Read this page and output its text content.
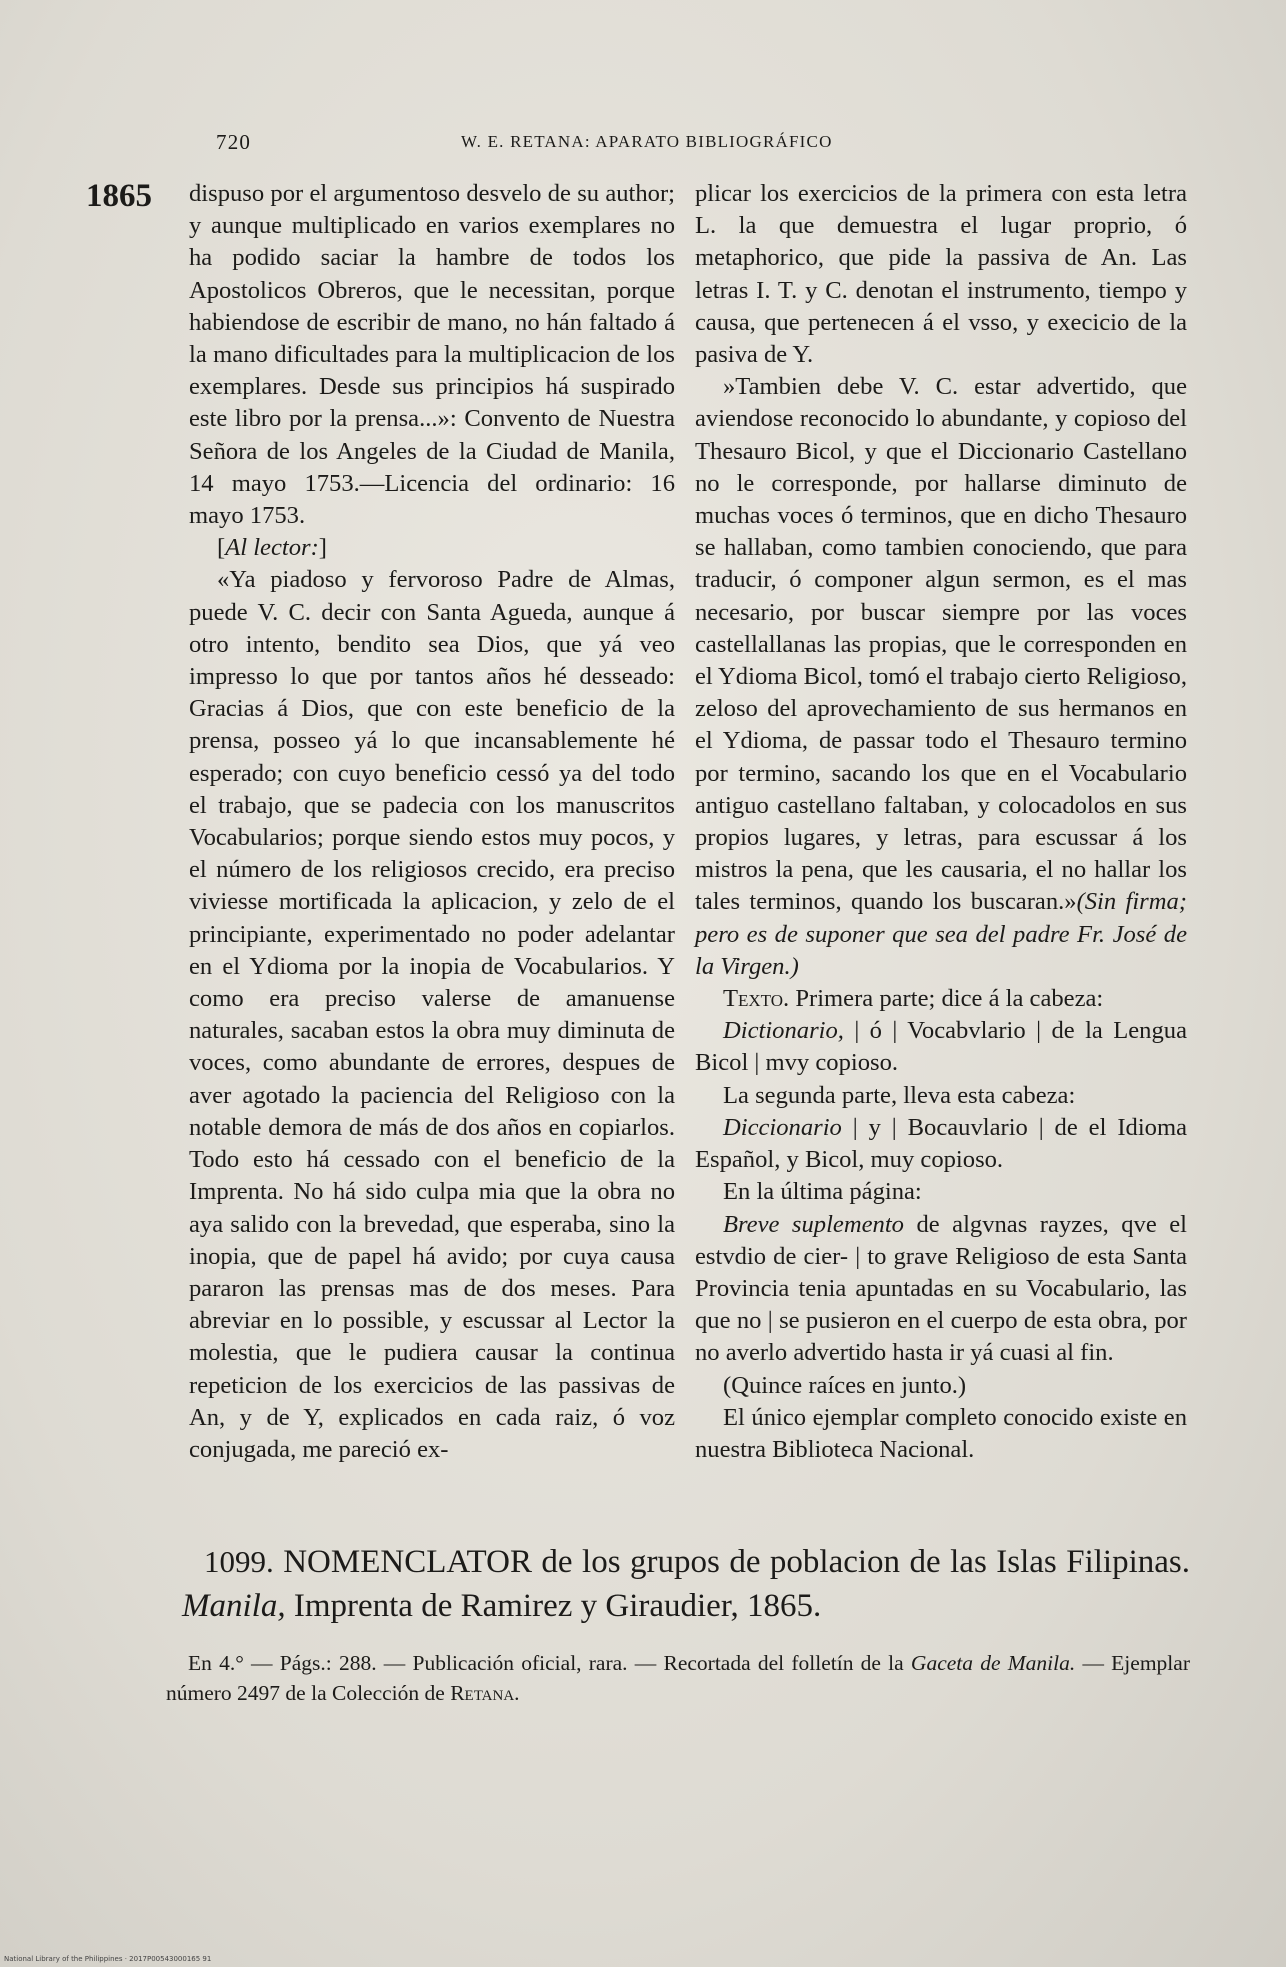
720	W. E. RETANA: APARATO BIBLIOGRÁFICO
1865 dispuso por el argumentoso desvelo de su author; y aunque multiplicado en varios exemplares no ha podido saciar la hambre de todos los Apostolicos Obreros, que le necessitan, porque habiendose de escribir de mano, no hán faltado á la mano dificultades para la multiplicacion de los exemplares. Desde sus principios há suspirado este libro por la prensa...»: Convento de Nuestra Señora de los Angeles de la Ciudad de Manila, 14 mayo 1753.—Licencia del ordinario: 16 mayo 1753.

[Al lector:]

«Ya piadoso y fervoroso Padre de Almas, puede V. C. decir con Santa Agueda, aunque á otro intento, bendito sea Dios, que yá veo impresso lo que por tantos años hé desseado: Gracias á Dios, que con este beneficio de la prensa, posseo yá lo que incansablemente hé esperado; con cuyo beneficio cessó ya del todo el trabajo, que se padecia con los manuscritos Vocabularios; porque siendo estos muy pocos, y el número de los religiosos crecido, era preciso viviesse mortificada la aplicacion, y zelo de el principiante, experimentado no poder adelantar en el Ydioma por la inopia de Vocabularios. Y como era preciso valerse de amanuense naturales, sacaban estos la obra muy diminuta de voces, como abundante de errores, despues de aver agotado la paciencia del Religioso con la notable demora de más de dos años en copiarlos. Todo esto há cessado con el beneficio de la Imprenta. No há sido culpa mia que la obra no aya salido con la brevedad, que esperaba, sino la inopia, que de papel há avido; por cuya causa pararon las prensas mas de dos meses. Para abreviar en lo possible, y escussar al Lector la molestia, que le pudiera causar la continua repeticion de los exercicios de las passivas de An, y de Y, explicados en cada raiz, ó voz conjugada, me pareció ex-

plicar los exercicios de la primera con esta letra L. la que demuestra el lugar proprio, ó metaphorico, que pide la passiva de An. Las letras I. T. y C. denotan el instrumento, tiempo y causa, que pertenecen á el vsso, y execicio de la pasiva de Y.

»Tambien debe V. C. estar advertido, que aviendose reconocido lo abundante, y copioso del Thesauro Bicol, y que el Diccionario Castellano no le corresponde, por hallarse diminuto de muchas voces ó terminos, que en dicho Thesauro se hallaban, como tambien conociendo, que para traducir, ó componer algun sermon, es el mas necesario, por buscar siempre por las voces castellallanas las propias, que le corresponden en el Ydioma Bicol, tomó el trabajo cierto Religioso, zeloso del aprovechamiento de sus hermanos en el Ydioma, de passar todo el Thesauro termino por termino, sacando los que en el Vocabulario antiguo castellano faltaban, y colocadolos en sus propios lugares, y letras, para escussar á los mistros la pena, que les causaria, el no hallar los tales terminos, quando los buscaran.»(Sin firma; pero es de suponer que sea del padre Fr. José de la Virgen.)

Texto. Primera parte; dice á la cabeza:

Dictionario, | ó | Vocabvlario | de la Lengua Bicol | mvy copioso.

La segunda parte, lleva esta cabeza:

Diccionario | y | Bocauvlario | de el Idioma Español, y Bicol, muy copioso.

En la última página:

Breve suplemento de algvnas rayzes, qve el estvdio de cier- | to grave Religioso de esta Santa Provincia tenia apuntadas en su Vocabulario, las que no | se pusieron en el cuerpo de esta obra, por no averlo advertido hasta ir yá cuasi al fin.

(Quince raíces en junto.)

El único ejemplar completo conocido existe en nuestra Biblioteca Nacional.

1099. NOMENCLATOR de los grupos de poblacion de las Islas Filipinas. Manila, Imprenta de Ramirez y Giraudier, 1865.

En 4.° — Págs.: 288. — Publicación oficial, rara. — Recortada del folletín de la Gaceta de Manila. — Ejemplar número 2497 de la Colección de Retana.

National Library of the Philippines · 2017P00543000165 91
